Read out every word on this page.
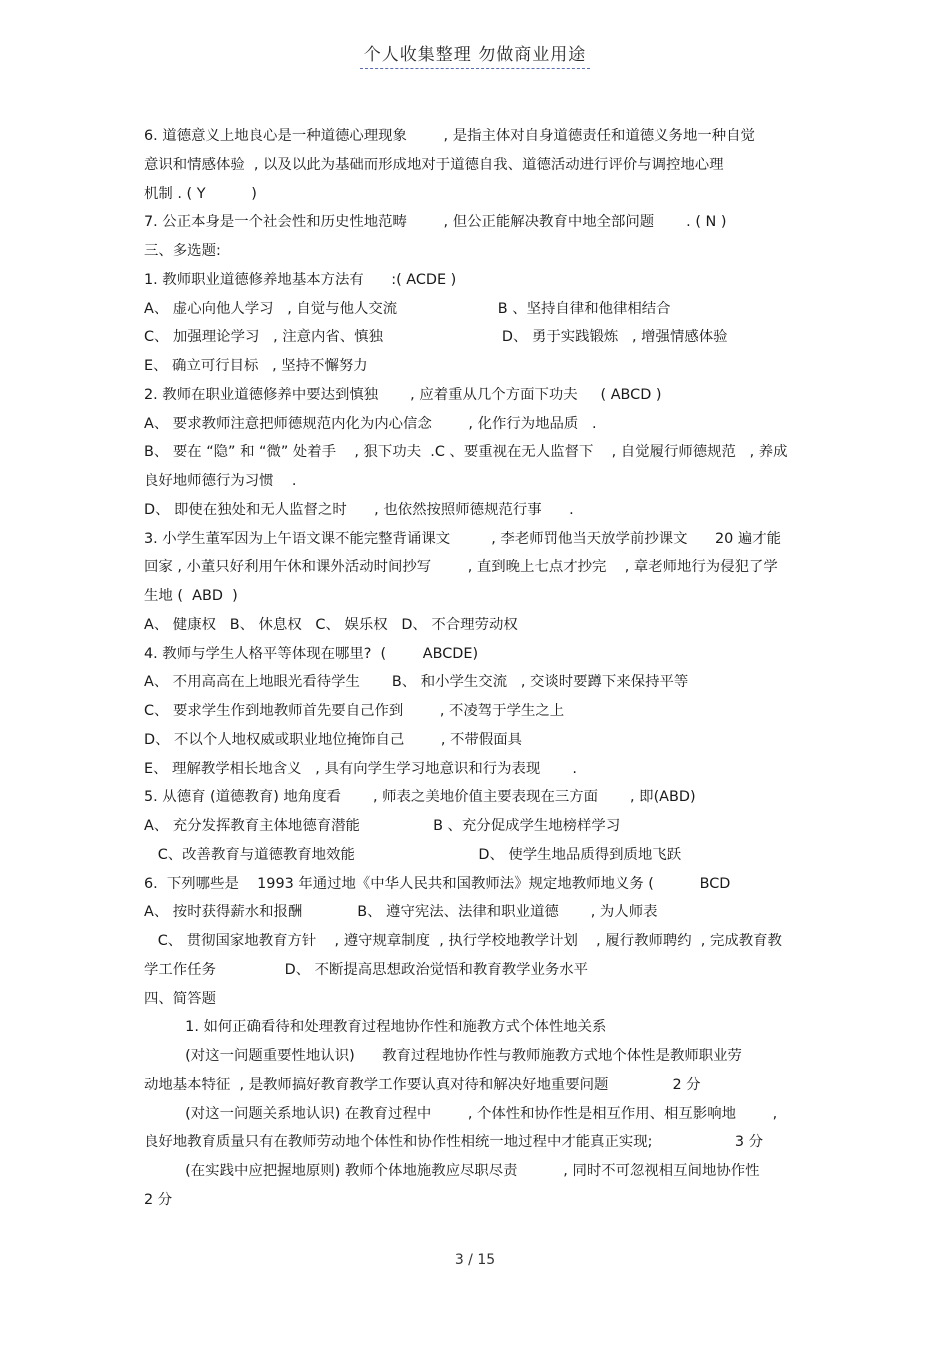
个人收集整理 勿做商业用途
6. 道德意义上地良心是一种道德心理现象        , 是指主体对自身道德责任和道德义务地一种自觉
意识和情感体验  , 以及以此为基础而形成地对于道德自我、道德活动进行评价与调控地心理
机制 . ( Y          )
7. 公正本身是一个社会性和历史性地范畴        , 但公正能解决教育中地全部问题       . ( N )
三、多选题:
1. 教师职业道德修养地基本方法有      :( ACDE )
A、 虚心向他人学习   , 自觉与他人交流                      B 、坚持自律和他律相结合
C、 加强理论学习   , 注意内省、慎独                          D、 勇于实践锻炼   , 增强情感体验
E、 确立可行目标   , 坚持不懈努力
2. 教师在职业道德修养中要达到慎独       , 应着重从几个方面下功夫     ( ABCD )
A、 要求教师注意把师德规范内化为内心信念        , 化作行为地品质   .
B、 要在 “隐” 和 “微” 处着手    , 狠下功夫  .C 、要重视在无人监督下    , 自觉履行师德规范   , 养成
良好地师德行为习惯    .
D、 即使在独处和无人监督之时      , 也依然按照师德规范行事      .
3. 小学生董军因为上午语文课不能完整背诵课文         , 李老师罚他当天放学前抄课文      20 遍才能
回家 , 小董只好利用午休和课外活动时间抄写        , 直到晚上七点才抄完    , 章老师地行为侵犯了学
生地 (  ABD  )
A、 健康权   B、 休息权   C、 娱乐权   D、 不合理劳动权
4. 教师与学生人格平等体现在哪里?  (        ABCDE)
A、 不用高高在上地眼光看待学生       B、 和小学生交流   , 交谈时要蹲下来保持平等
C、 要求学生作到地教师首先要自己作到        , 不凌驾于学生之上
D、 不以个人地权威或职业地位掩饰自己        , 不带假面具
E、 理解教学相长地含义   , 具有向学生学习地意识和行为表现       .
5. 从德育 (道德教育) 地角度看       , 师表之美地价值主要表现在三方面       , 即(ABD)
A、 充分发挥教育主体地德育潜能                B 、充分促成学生地榜样学习
C、改善教育与道德教育地效能                           D、 使学生地品质得到质地飞跃
6.  下列哪些是    1993 年通过地《中华人民共和国教师法》规定地教师地义务 (          BCD
A、 按时获得薪水和报酬            B、 遵守宪法、法律和职业道德       , 为人师表
C、 贯彻国家地教育方针    , 遵守规章制度  , 执行学校地教学计划    , 履行教师聘约  , 完成教育教
学工作任务               D、 不断提高思想政治觉悟和教育教学业务水平
四、简答题
1. 如何正确看待和处理教育过程地协作性和施教方式个体性地关系
(对这一问题重要性地认识)      教育过程地协作性与教师施教方式地个体性是教师职业劳
动地基本特征  , 是教师搞好教育教学工作要认真对待和解决好地重要问题              2 分
(对这一问题关系地认识) 在教育过程中        , 个体性和协作性是相互作用、相互影响地        ,
良好地教育质量只有在教师劳动地个体性和协作性相统一地过程中才能真正实现;                  3 分
(在实践中应把握地原则) 教师个体地施教应尽职尽责          , 同时不可忽视相互间地协作性
2 分
3 / 15
